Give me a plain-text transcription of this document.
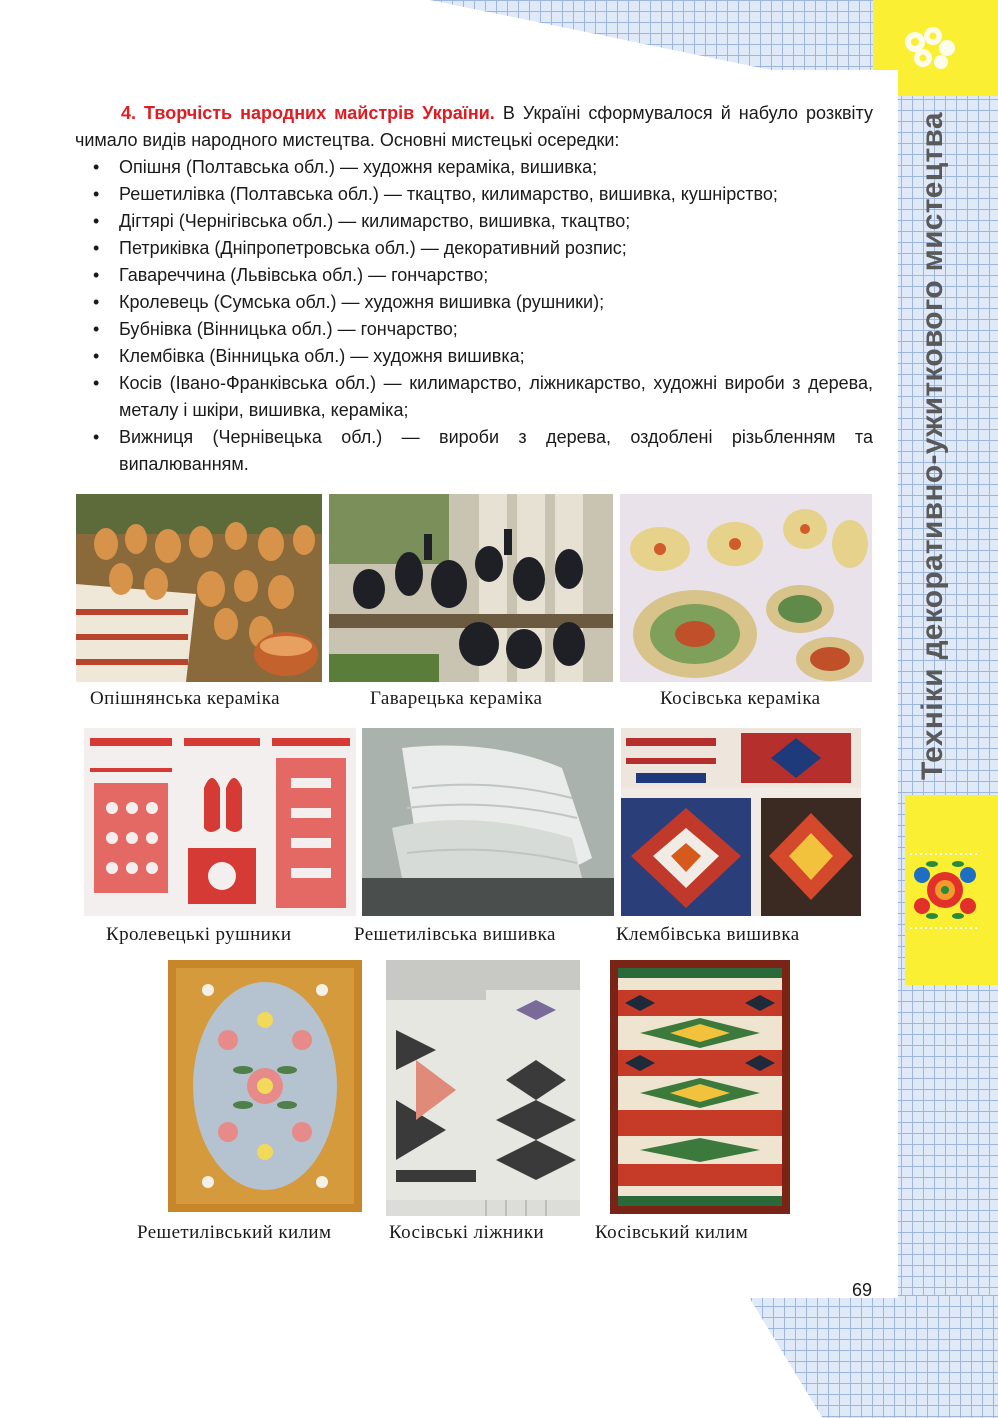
Техніки декоративно-ужиткового мистецтва

4. Творчість народних майстрів України. В Україні сформувалося й набуло розквіту чимало видів народного мистецтва. Основні мистецькі осередки:

• Опішня (Полтавська обл.) — художня кераміка, вишивка;
• Решетилівка (Полтавська обл.) — ткацтво, килимарство, вишивка, кушнірство;
• Дігтярі (Чернігівська обл.) — килимарство, вишивка, ткацтво;
• Петриківка (Дніпропетровська обл.) — декоративний розпис;
• Гавареччина (Львівська обл.) — гончарство;
• Кролевець (Сумська обл.) — художня вишивка (рушники);
• Бубнівка (Вінницька обл.) — гончарство;
• Клембівка (Вінницька обл.) — художня вишивка;
• Косів (Івано-Франківська обл.) — килимарство, ліжникарство, художні вироби з дерева, металу і шкіри, вишивка, кераміка;
• Вижниця (Чернівецька обл.) — вироби з дерева, оздоблені різьбленням та випалюванням.
Опішнянська кераміка	Гаварецька кераміка	Косівська кераміка
Кролевецькі рушники	Решетилівська вишивка	Клембівська вишивка
Решетилівський килим	Косівські ліжники	Косівський килим
69
